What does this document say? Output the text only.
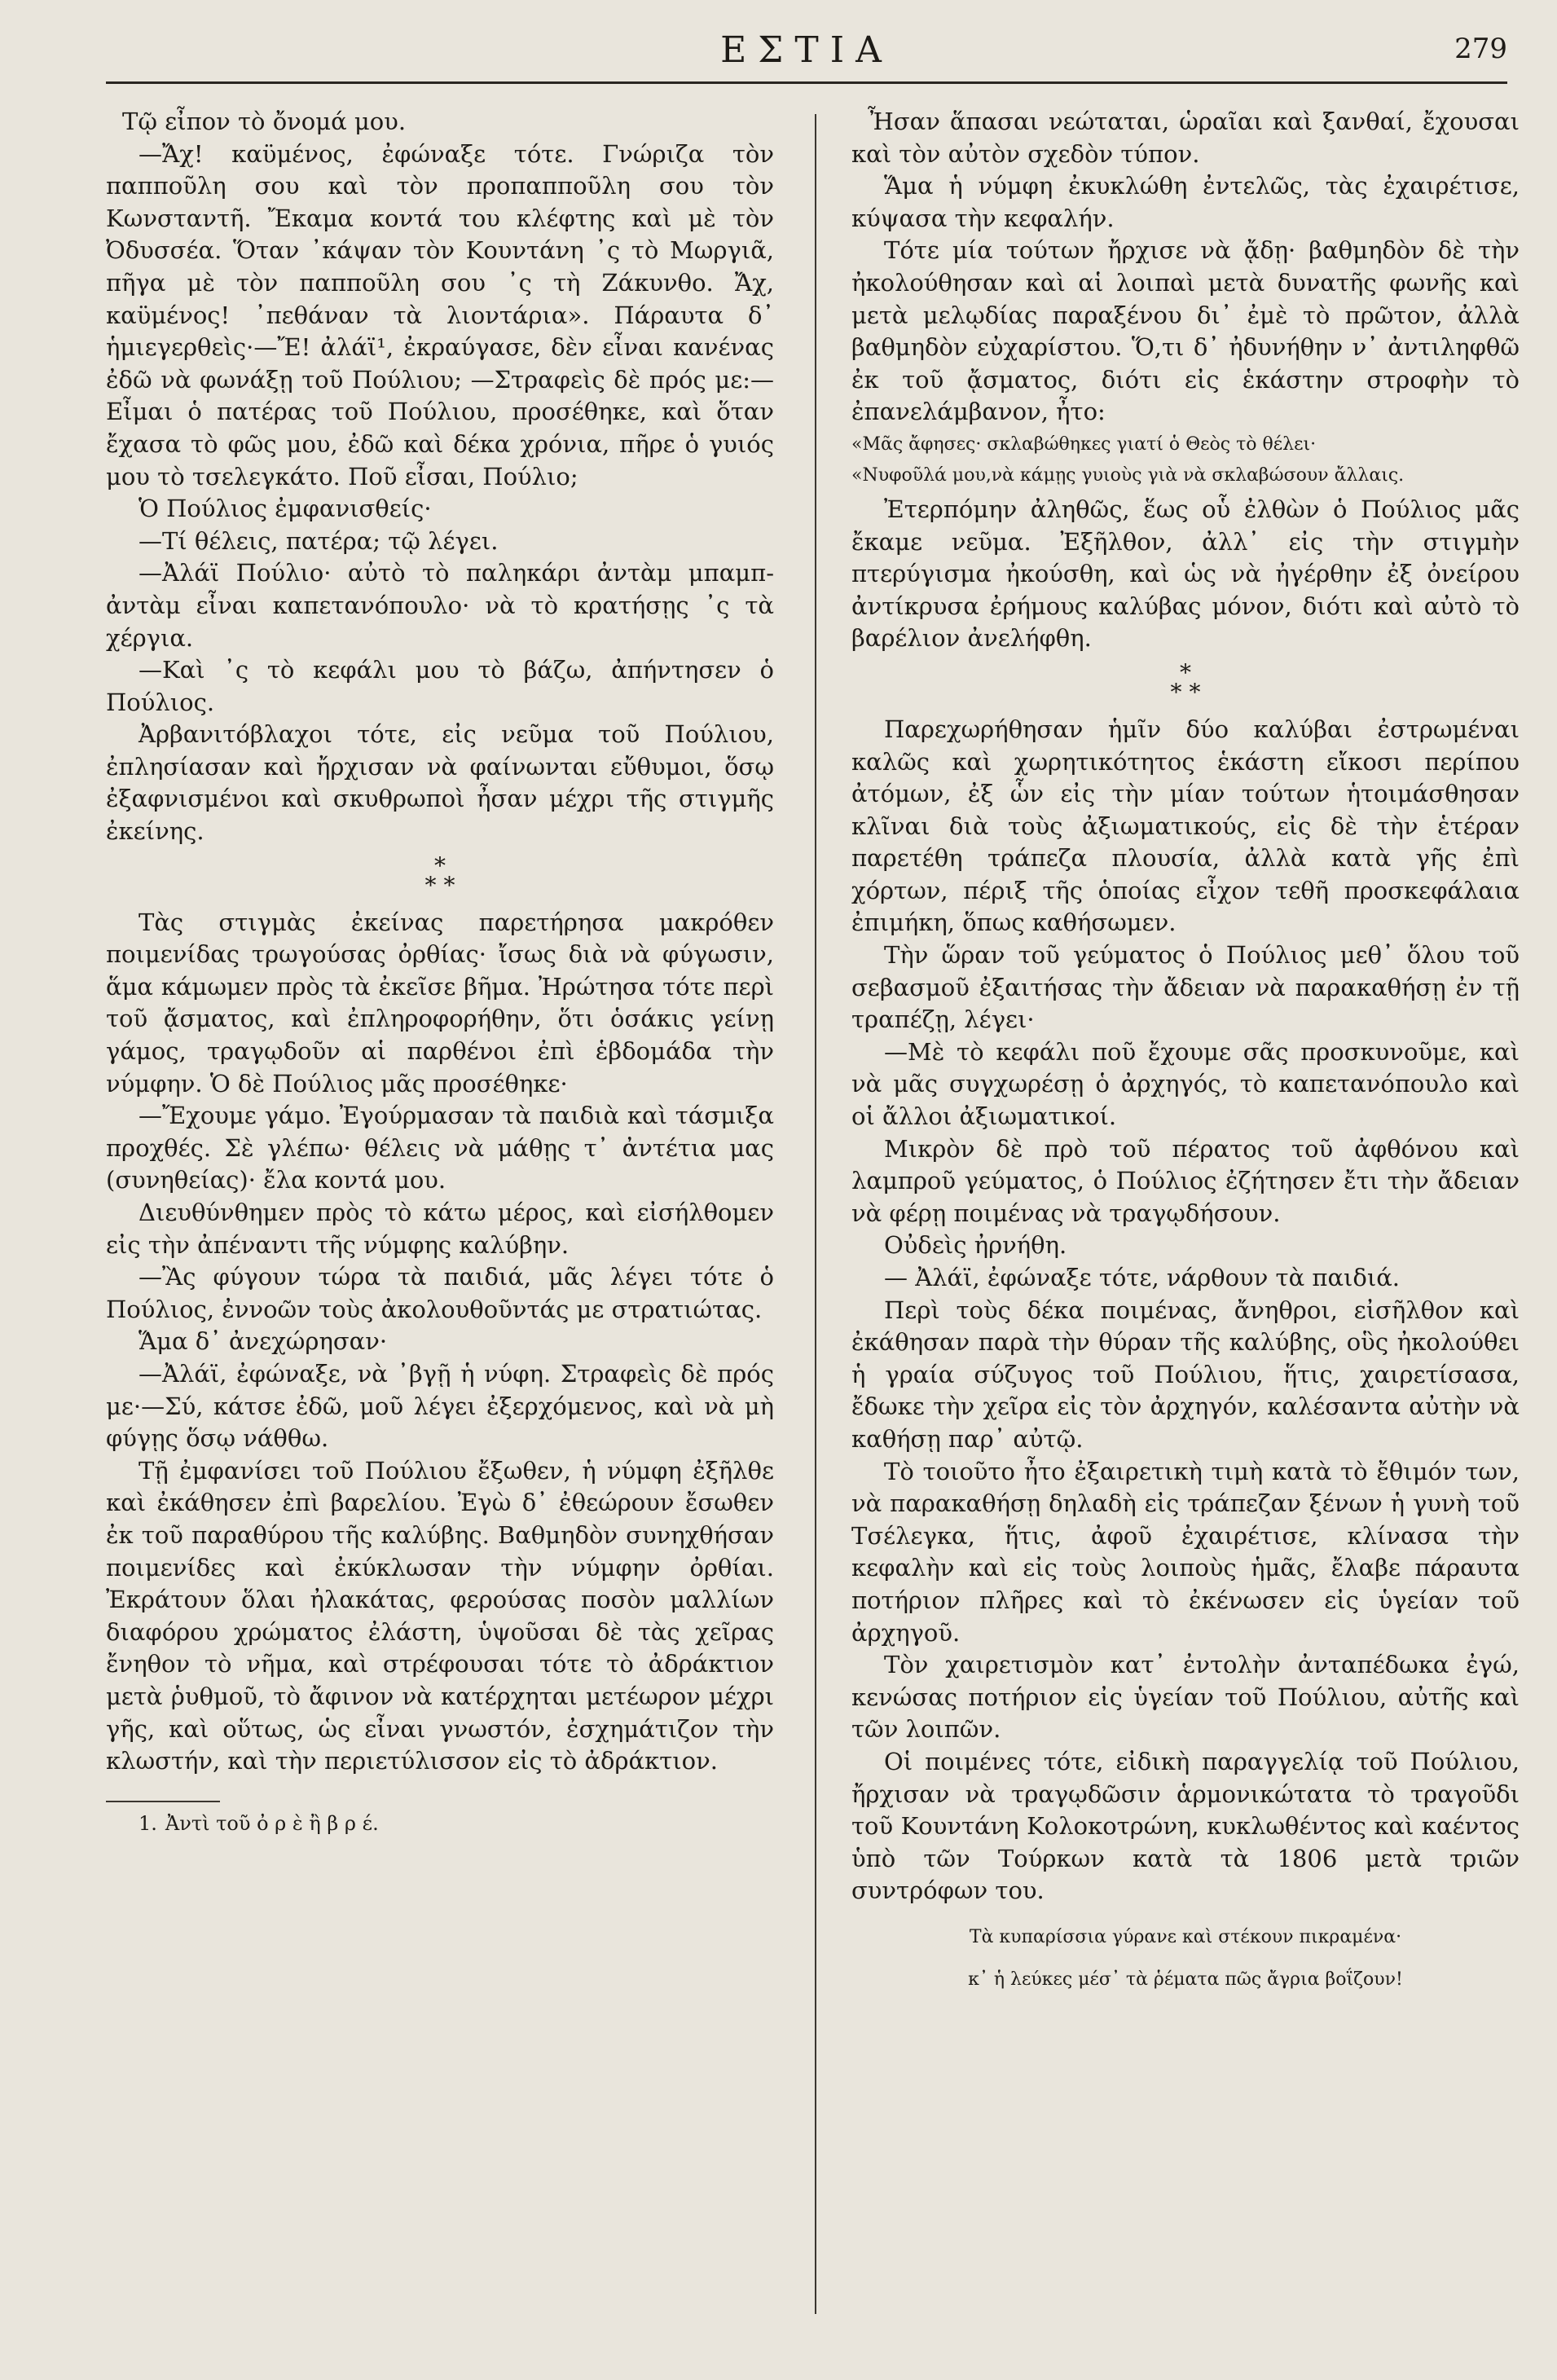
ΕΣΤΙΑ	279

Τῷ εἶπον τὸ ὄνομά μου.

—Ἄχ! καϋμένος, ἐφώναξε τότε. Γνώριζα τὸν παπποῦλη σου καὶ τὸν προπαπποῦλη σου τὸν Κωνσταντῆ. Ἔκαμα κοντά του κλέφτης καὶ μὲ τὸν Ὀδυσσέα. Ὅταν ᾿κάψαν τὸν Κουντάνη ᾿ς τὸ Μωργιᾶ, πῆγα μὲ τὸν παπποῦλη σου ᾿ς τὴ Ζάκυνθο. Ἄχ, καϋμένος! ᾿πεθάναν τὰ λιοντάρια». Πάραυτα δ᾿ ἡμιεγερθεὶς·—Ἔ! ἀλάϊ¹, ἐκραύγασε, δὲν εἶναι κανένας ἐδῶ νὰ φωνάξῃ τοῦ Πούλιου; —Στραφεὶς δὲ πρός με:—Εἶμαι ὁ πατέρας τοῦ Πούλιου, προσέθηκε, καὶ ὅταν ἔχασα τὸ φῶς μου, ἐδῶ καὶ δέκα χρόνια, πῆρε ὁ γυιός μου τὸ τσελεγκάτο. Ποῦ εἶσαι, Πούλιο;

Ὁ Πούλιος ἐμφανισθείς·

—Τί θέλεις, πατέρα; τῷ λέγει.

—Ἀλάϊ Πούλιο· αὐτὸ τὸ παληκάρι ἀντὰμ μπαμπ-ἀντὰμ εἶναι καπετανόπουλο· νὰ τὸ κρατήσῃς ᾿ς τὰ χέργια.

—Καὶ ᾿ς τὸ κεφάλι μου τὸ βάζω, ἀπήντησεν ὁ Πούλιος.

Ἀρβανιτόβλαχοι τότε, εἰς νεῦμα τοῦ Πούλιου, ἐπλησίασαν καὶ ἤρχισαν νὰ φαίνωνται εὔθυμοι, ὅσῳ ἐξαφνισμένοι καὶ σκυθρωποὶ ἦσαν μέχρι τῆς στιγμῆς ἐκείνης.

*
* *

Τὰς στιγμὰς ἐκείνας παρετήρησα μακρόθεν ποιμενίδας τρωγούσας ὀρθίας· ἴσως διὰ νὰ φύγωσιν, ἅμα κάμωμεν πρὸς τὰ ἐκεῖσε βῆμα. Ἠρώτησα τότε περὶ τοῦ ᾄσματος, καὶ ἐπληροφορήθην, ὅτι ὁσάκις γείνῃ γάμος, τραγῳδοῦν αἱ παρθένοι ἐπὶ ἑβδομάδα τὴν νύμφην. Ὁ δὲ Πούλιος μᾶς προσέθηκε·

—Ἔχουμε γάμο. Ἐγούρμασαν τὰ παιδιὰ καὶ τάσμιξα προχθές. Σὲ γλέπω· θέλεις νὰ μάθῃς τ᾿ ἀντέτια μας (συνηθείας)· ἔλα κοντά μου.

Διευθύνθημεν πρὸς τὸ κάτω μέρος, καὶ εἰσήλθομεν εἰς τὴν ἀπέναντι τῆς νύμφης καλύβην.

—Ἂς φύγουν τώρα τὰ παιδιά, μᾶς λέγει τότε ὁ Πούλιος, ἐννοῶν τοὺς ἀκολουθοῦντάς με στρατιώτας.

Ἅμα δ᾿ ἀνεχώρησαν·

—Ἀλάϊ, ἐφώναξε, νὰ ᾿βγῇ ἡ νύφη. Στραφεὶς δὲ πρός με·—Σύ, κάτσε ἐδῶ, μοῦ λέγει ἐξερχόμενος, καὶ νὰ μὴ φύγῃς ὅσῳ νάθθω.

Τῇ ἐμφανίσει τοῦ Πούλιου ἔξωθεν, ἡ νύμφη ἐξῆλθε καὶ ἐκάθησεν ἐπὶ βαρελίου. Ἐγὼ δ᾿ ἐθεώρουν ἔσωθεν ἐκ τοῦ παραθύρου τῆς καλύβης. Βαθμηδὸν συνηχθήσαν ποιμενίδες καὶ ἐκύκλωσαν τὴν νύμφην ὀρθίαι. Ἐκράτουν ὅλαι ἠλακάτας, φερούσας ποσὸν μαλλίων διαφόρου χρώματος ἐλάστη, ὑψοῦσαι δὲ τὰς χεῖρας ἔνηθον τὸ νῆμα, καὶ στρέφουσαι τότε τὸ ἀδράκτιον μετὰ ῥυθμοῦ, τὸ ἄφινον νὰ κατέρχηται μετέωρον μέχρι γῆς, καὶ οὕτως, ὡς εἶναι γνωστόν, ἐσχημάτιζον τὴν κλωστήν, καὶ τὴν περιετύλισσον εἰς τὸ ἀδράκτιον.

1. Ἀντὶ τοῦ ὀ ρ ὲ ἢ β ρ έ.

Ἦσαν ἅπασαι νεώταται, ὡραῖαι καὶ ξανθαί, ἔχουσαι καὶ τὸν αὐτὸν σχεδὸν τύπον.

Ἅμα ἡ νύμφη ἐκυκλώθη ἐντελῶς, τὰς ἐχαιρέτισε, κύψασα τὴν κεφαλήν.

Τότε μία τούτων ἤρχισε νὰ ᾄδῃ· βαθμηδὸν δὲ τὴν ἠκολούθησαν καὶ αἱ λοιπαὶ μετὰ δυνατῆς φωνῆς καὶ μετὰ μελῳδίας παραξένου δι᾿ ἐμὲ τὸ πρῶτον, ἀλλὰ βαθμηδὸν εὐχαρίστου. Ὅ,τι δ᾿ ἠδυνήθην ν᾿ ἀντιληφθῶ ἐκ τοῦ ᾄσματος, διότι εἰς ἑκάστην στροφὴν τὸ ἐπανελάμβανον, ἦτο:

«Μᾶς ἄφησες· σκλαβώθηκες γιατί ὁ Θεὸς τὸ θέλει·
«Νυφοῦλά μου,νὰ κάμῃς γυιοὺς γιὰ νὰ σκλαβώσουν ἄλλαις.

Ἐτερπόμην ἀληθῶς, ἕως οὗ ἐλθὼν ὁ Πούλιος μᾶς ἔκαμε νεῦμα. Ἐξῆλθον, ἀλλ᾿ εἰς τὴν στιγμὴν πτερύγισμα ἠκούσθη, καὶ ὡς νὰ ἠγέρθην ἐξ ὀνείρου ἀντίκρυσα ἐρήμους καλύβας μόνον, διότι καὶ αὐτὸ τὸ βαρέλιον ἀνελήφθη.

*
* *

Παρεχωρήθησαν ἡμῖν δύο καλύβαι ἐστρωμέναι καλῶς καὶ χωρητικότητος ἑκάστη εἴκοσι περίπου ἀτόμων, ἐξ ὧν εἰς τὴν μίαν τούτων ἡτοιμάσθησαν κλῖναι διὰ τοὺς ἀξιωματικούς, εἰς δὲ τὴν ἑτέραν παρετέθη τράπεζα πλουσία, ἀλλὰ κατὰ γῆς ἐπὶ χόρτων, πέριξ τῆς ὁποίας εἶχον τεθῆ προσκεφάλαια ἐπιμήκη, ὅπως καθήσωμεν.

Τὴν ὥραν τοῦ γεύματος ὁ Πούλιος μεθ᾿ ὅλου τοῦ σεβασμοῦ ἐξαιτήσας τὴν ἄδειαν νὰ παρακαθήσῃ ἐν τῇ τραπέζῃ, λέγει·

—Μὲ τὸ κεφάλι ποῦ ἔχουμε σᾶς προσκυνοῦμε, καὶ νὰ μᾶς συγχωρέσῃ ὁ ἀρχηγός, τὸ καπετανόπουλο καὶ οἱ ἄλλοι ἀξιωματικοί.

Μικρὸν δὲ πρὸ τοῦ πέρατος τοῦ ἀφθόνου καὶ λαμπροῦ γεύματος, ὁ Πούλιος ἐζήτησεν ἔτι τὴν ἄδειαν νὰ φέρῃ ποιμένας νὰ τραγῳδήσουν.

Οὐδεὶς ἠρνήθη.

— Ἀλάϊ, ἐφώναξε τότε, νάρθουν τὰ παιδιά.

Περὶ τοὺς δέκα ποιμένας, ἄνηθροι, εἰσῆλθον καὶ ἐκάθησαν παρὰ τὴν θύραν τῆς καλύβης, οὓς ἠκολούθει ἡ γραία σύζυγος τοῦ Πούλιου, ἥτις, χαιρετίσασα, ἔδωκε τὴν χεῖρα εἰς τὸν ἀρχηγόν, καλέσαντα αὐτὴν νὰ καθήσῃ παρ᾿ αὐτῷ.

Τὸ τοιοῦτο ἦτο ἐξαιρετικὴ τιμὴ κατὰ τὸ ἔθιμόν των, νὰ παρακαθήσῃ δηλαδὴ εἰς τράπεζαν ξένων ἡ γυνὴ τοῦ Τσέλεγκα, ἥτις, ἀφοῦ ἐχαιρέτισε, κλίνασα τὴν κεφαλὴν καὶ εἰς τοὺς λοιποὺς ἡμᾶς, ἔλαβε πάραυτα ποτήριον πλῆρες καὶ τὸ ἐκένωσεν εἰς ὑγείαν τοῦ ἀρχηγοῦ.

Τὸν χαιρετισμὸν κατ᾿ ἐντολὴν ἀνταπέδωκα ἐγώ, κενώσας ποτήριον εἰς ὑγείαν τοῦ Πούλιου, αὐτῆς καὶ τῶν λοιπῶν.

Οἱ ποιμένες τότε, εἰδικὴ παραγγελίᾳ τοῦ Πούλιου, ἤρχισαν νὰ τραγῳδῶσιν ἁρμονικώτατα τὸ τραγοῦδι τοῦ Κουντάνη Κολοκοτρώνη, κυκλωθέντος καὶ καέντος ὑπὸ τῶν Τούρκων κατὰ τὰ 1806 μετὰ τριῶν συντρόφων του.

Τὰ κυπαρίσσια γύρανε καὶ στέκουν πικραμένα·
κ᾿ ἡ λεύκες μέσ᾿ τὰ ῥέματα πῶς ἄγρια βοΐζουν!
